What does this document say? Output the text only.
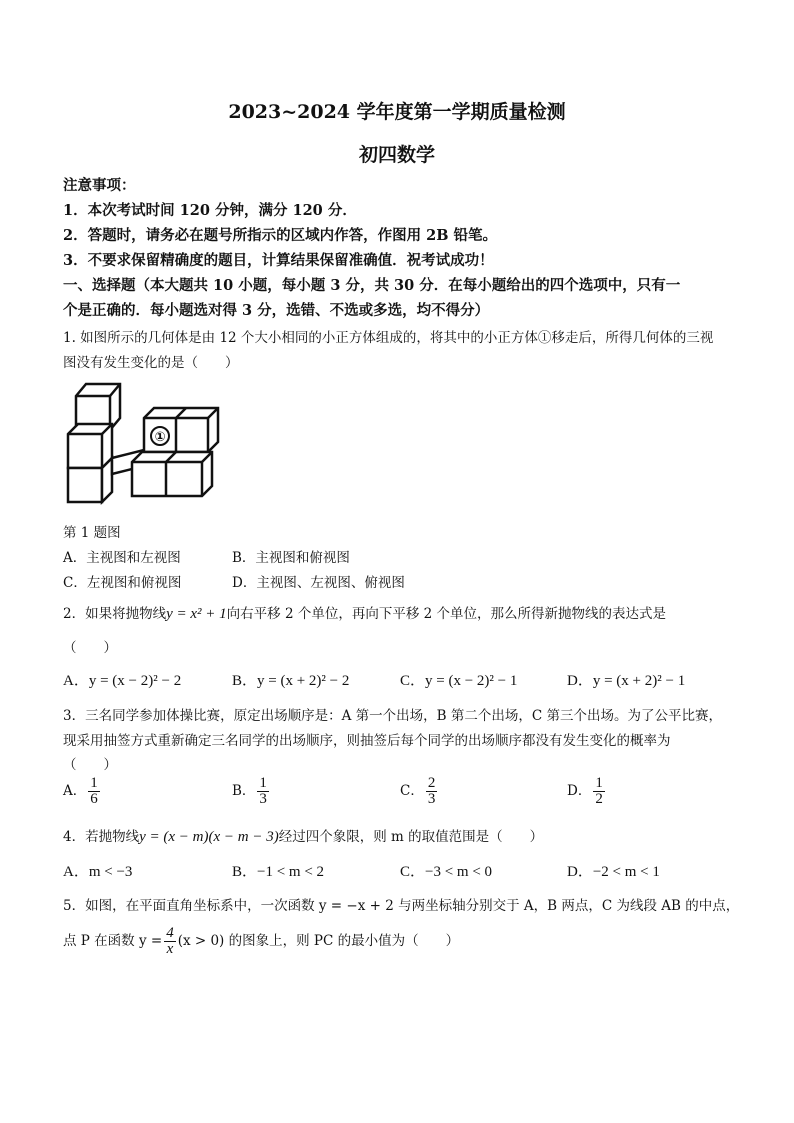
2023~2024 学年度第一学期质量检测
初四数学
注意事项：
1．本次考试时间 120 分钟，满分 120 分．
2．答题时，请务必在题号所指示的区域内作答，作图用 2B 铅笔。
3．不要求保留精确度的题目，计算结果保留准确值．祝考试成功！
一、选择题（本大题共 10 小题，每小题 3 分，共 30 分．在每小题给出的四个选项中，只有一
个是正确的．每小题选对得 3 分，选错、不选或多选，均不得分）
1. 如图所示的几何体是由 12 个大小相同的小正方体组成的，将其中的小正方体①移走后，所得几何体的三视
图没有发生变化的是（　　）
①
第 1 题图
A．主视图和左视图	B．主视图和俯视图
C．左视图和俯视图	D．主视图、左视图、俯视图
2．如果将抛物线y = x² + 1向右平移 2 个单位，再向下平移 2 个单位，那么所得新抛物线的表达式是
（　　）
A．y = (x − 2)² − 2	B．y = (x + 2)² − 2	C．y = (x − 2)² − 1	D．y = (x + 2)² − 1
3．三名同学参加体操比赛，原定出场顺序是：A 第一个出场，B 第二个出场，C 第三个出场。为了公平比赛，
现采用抽签方式重新确定三名同学的出场顺序，则抽签后每个同学的出场顺序都没有发生变化的概率为
（　　）
A． $\frac{1}{6}$	B． $\frac{1}{3}$	C． $\frac{2}{3}$	D． $\frac{1}{2}$
4．若抛物线y = (x − m)(x − m − 3)经过四个象限，则 m 的取值范围是（　　）
A．m < −3	B．−1 < m < 2	C．−3 < m < 0	D．−2 < m < 1
5．如图，在平面直角坐标系中，一次函数 y = −x + 2 与两坐标轴分别交于 A，B 两点，C 为线段 AB 的中点，
点 P 在函数 $y = \frac{4}{x} (x > 0)$ 的图象上，则 PC 的最小值为（　　）
